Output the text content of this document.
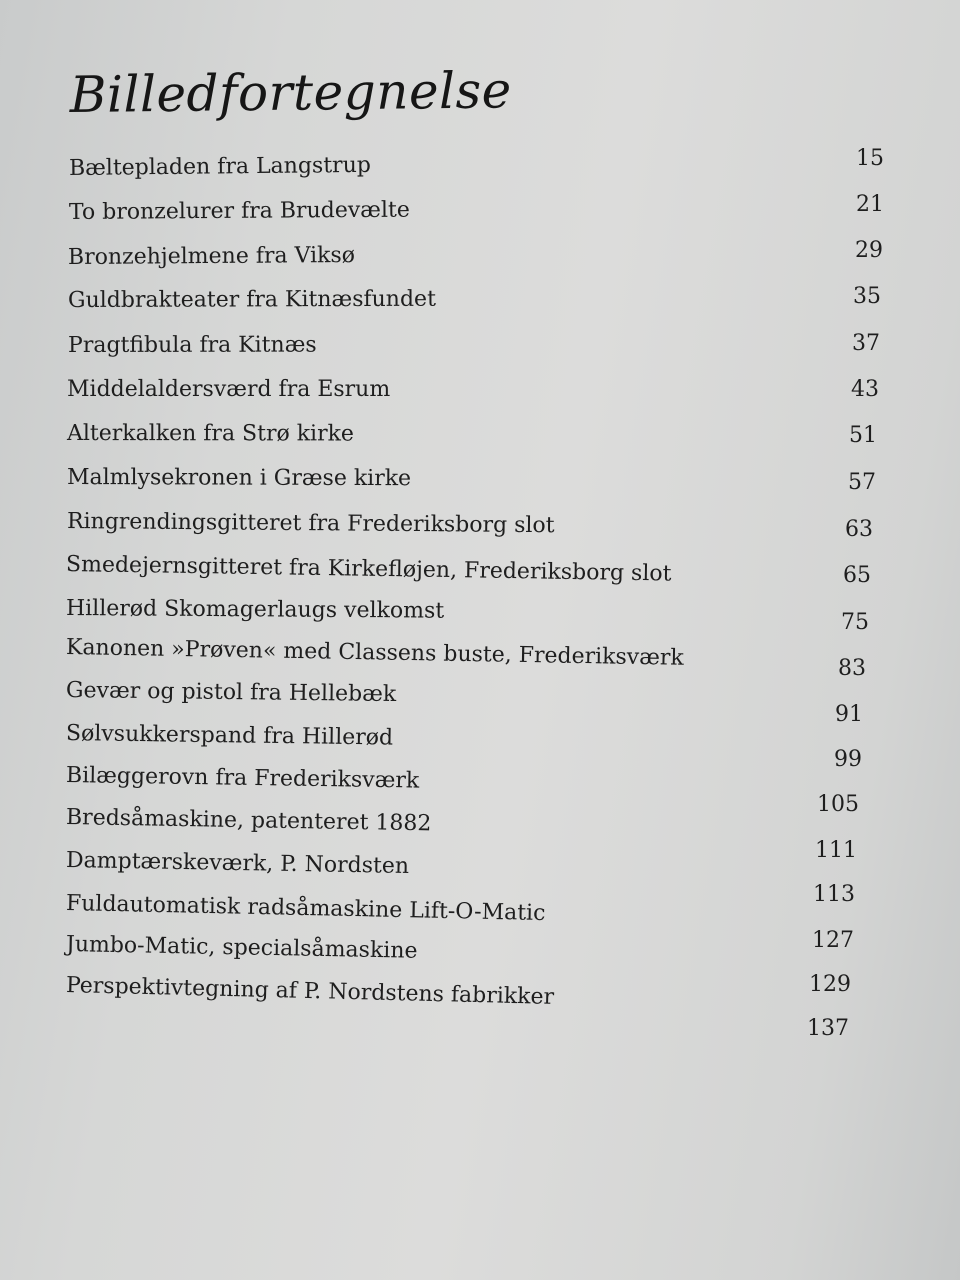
Billedfortegnelse
Bæltepladen fra Langstrup
To bronzelurer fra Brudevælte
Bronzehjelmene fra Viksø
Guldbrakteater fra Kitnæsfundet
Pragtfibula fra Kitnæs
Middelaldersværd fra Esrum
Alterkalken fra Strø kirke
Malmlysekronen i Græse kirke
Ringrendingsgitteret fra Frederiksborg slot
Smedejernsgitteret fra Kirkefløjen, Frederiksborg slot
Hillerød Skomagerlaugs velkomst
Kanonen »Prøven« med Classens buste, Frederiksværk
Gevær og pistol fra Hellebæk
Sølvsukkerspand fra Hillerød
Bilæggerovn fra Frederiksværk
Bredsåmaskine, patenteret 1882
Damptærskeværk, P. Nordsten
Fuldautomatisk radsåmaskine Lift-O-Matic
Jumbo-Matic, specialsåmaskine
Perspektivtegning af P. Nordstens fabrikker
15
21
29
35
37
43
51
57
63
65
75
83
91
99
105
111
113
127
129
137
